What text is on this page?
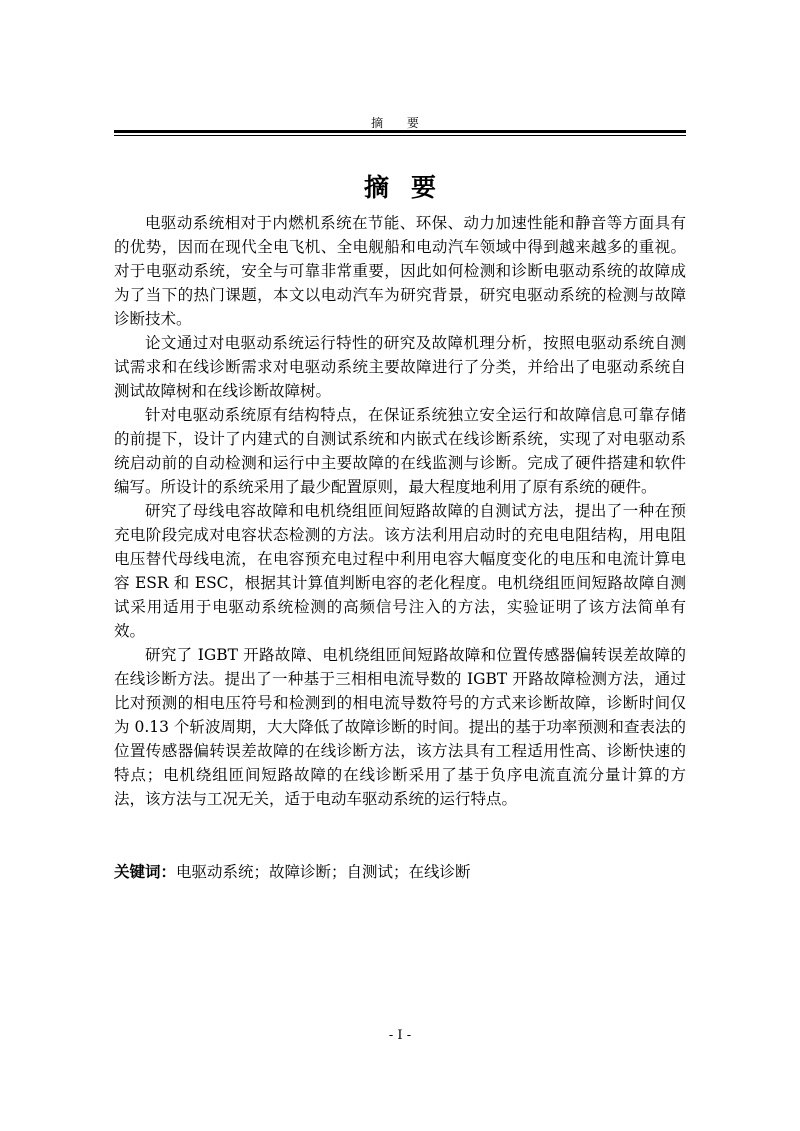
摘 要
摘要

电驱动系统相对于内燃机系统在节能、环保、动力加速性能和静音等方面具有的优势，因而在现代全电飞机、全电舰船和电动汽车领域中得到越来越多的重视。对于电驱动系统，安全与可靠非常重要，因此如何检测和诊断电驱动系统的故障成为了当下的热门课题，本文以电动汽车为研究背景，研究电驱动系统的检测与故障诊断技术。

论文通过对电驱动系统运行特性的研究及故障机理分析，按照电驱动系统自测试需求和在线诊断需求对电驱动系统主要故障进行了分类，并给出了电驱动系统自测试故障树和在线诊断故障树。

针对电驱动系统原有结构特点，在保证系统独立安全运行和故障信息可靠存储的前提下，设计了内建式的自测试系统和内嵌式在线诊断系统，实现了对电驱动系统启动前的自动检测和运行中主要故障的在线监测与诊断。完成了硬件搭建和软件编写。所设计的系统采用了最少配置原则，最大程度地利用了原有系统的硬件。

研究了母线电容故障和电机绕组匝间短路故障的自测试方法，提出了一种在预充电阶段完成对电容状态检测的方法。该方法利用启动时的充电电阻结构，用电阻电压替代母线电流，在电容预充电过程中利用电容大幅度变化的电压和电流计算电容 ESR 和 ESC，根据其计算值判断电容的老化程度。电机绕组匝间短路故障自测试采用适用于电驱动系统检测的高频信号注入的方法，实验证明了该方法简单有效。

研究了 IGBT 开路故障、电机绕组匝间短路故障和位置传感器偏转误差故障的在线诊断方法。提出了一种基于三相相电流导数的 IGBT 开路故障检测方法，通过比对预测的相电压符号和检测到的相电流导数符号的方式来诊断故障，诊断时间仅为 0.13 个斩波周期，大大降低了故障诊断的时间。提出的基于功率预测和查表法的位置传感器偏转误差故障的在线诊断方法，该方法具有工程适用性高、诊断快速的特点；电机绕组匝间短路故障的在线诊断采用了基于负序电流直流分量计算的方法，该方法与工况无关，适于电动车驱动系统的运行特点。

关键词：电驱动系统；故障诊断；自测试；在线诊断
- I -
